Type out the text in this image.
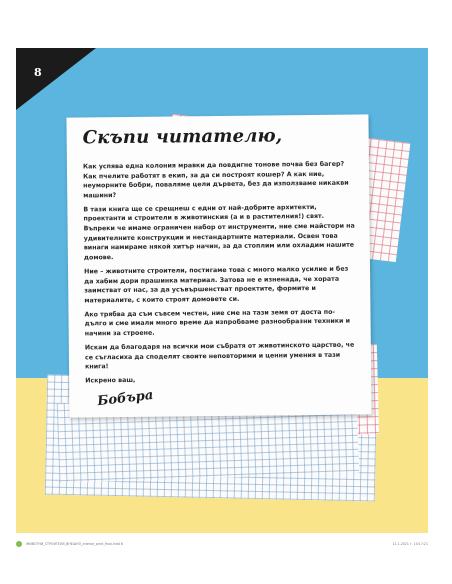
8
Скъпи читателю,

Как успява една колония мравки да повдигне тонове почва без багер? Как пчелите работят в екип, за да си построят кошер? А как ние, неуморните бобри, поваляме цели дървета, без да използваме никакви машини?

В тази книга ще се срещнеш с едни от най-добрите архитекти, проектанти и строители в животинския (а и в растителния!) свят. Въпреки че имаме ограничен набор от инструменти, ние сме майстори на удивителните конструкции и нестандартните материали. Освен това винаги намираме някой хитър начин, за да стоплим или охладим нашите домове.

Ние – животните строители, постигаме това с много малко усилие и без да хабим дори прашинка материал. Затова не е изненада, че хората заимстват от нас, за да усъвършенстват проектите, формите и материалите, с които строят домовете си.

Ако трябва да съм съвсем честен, ние сме на тази земя от доста по-дълго и сме имали много време да изпробваме разнообразни техники и начини за строене.

Искам да благодаря на всички мои събратя от животинското царство, че се съгласиха да споделят своите неповторими и ценни умения в тази книга!

Искрено ваш,

Бобъра
ЖИВОТНИ_СТРОИТЕЛИ_ВНЕШНО_interior_print_final.indd 8	11.1.2021 г. 10:17:21
